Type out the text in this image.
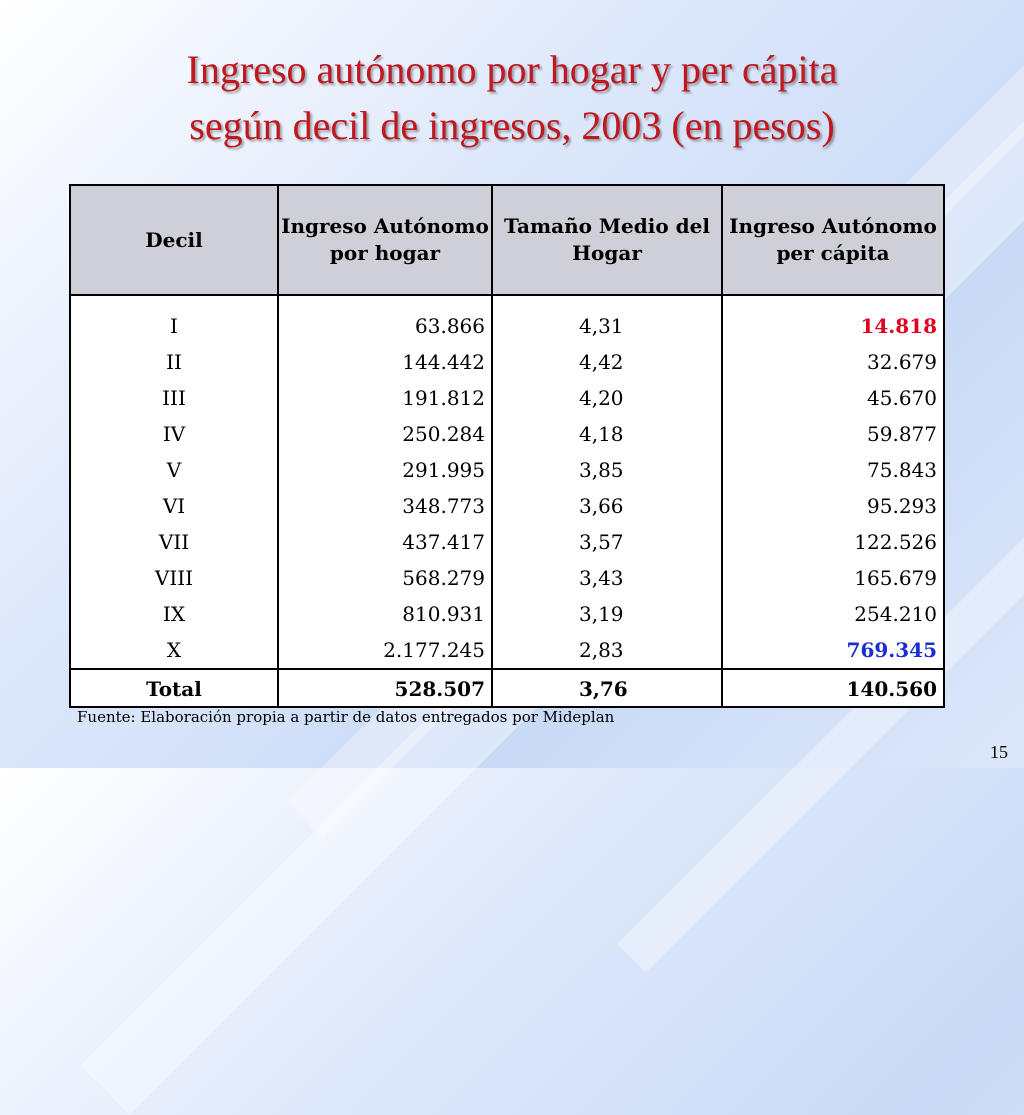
Ingreso autónomo por hogar y per cápita
según decil de ingresos, 2003 (en pesos)
Decil	Ingreso Autónomo por hogar	Tamaño Medio del Hogar	Ingreso Autónomo per cápita
I	63.866	4,31	14.818
II	144.442	4,42	32.679
III	191.812	4,20	45.670
IV	250.284	4,18	59.877
V	291.995	3,85	75.843
VI	348.773	3,66	95.293
VII	437.417	3,57	122.526
VIII	568.279	3,43	165.679
IX	810.931	3,19	254.210
X	2.177.245	2,83	769.345
Total	528.507	3,76	140.560
Fuente: Elaboración propia a partir de datos entregados por Mideplan
15
